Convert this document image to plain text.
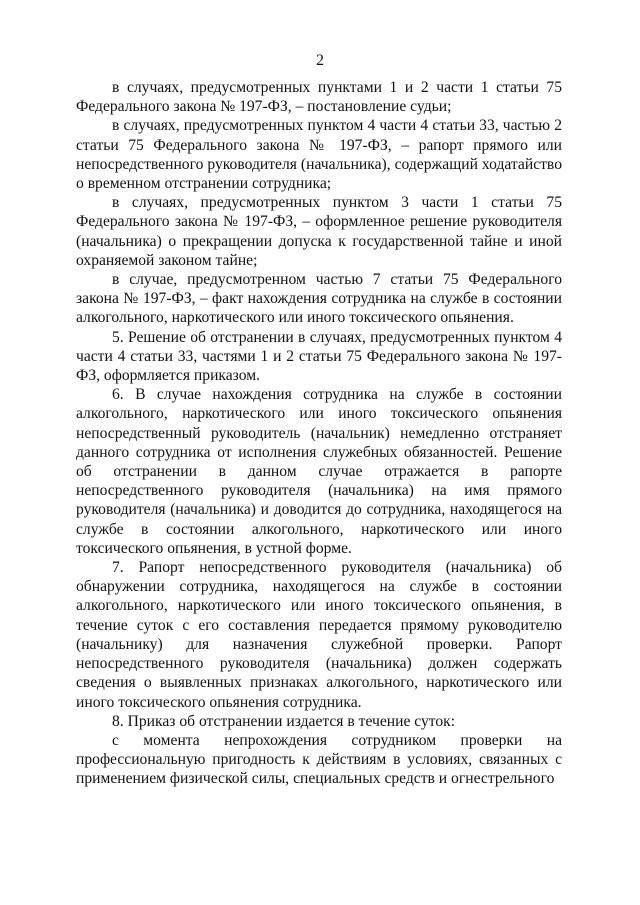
2

в случаях, предусмотренных пунктами 1 и 2 части 1 статьи 75 Федерального закона № 197-ФЗ, – постановление судьи;

в случаях, предусмотренных пунктом 4 части 4 статьи 33, частью 2 статьи 75 Федерального закона № 197-ФЗ, – рапорт прямого или непосредственного руководителя (начальника), содержащий ходатайство о временном отстранении сотрудника;

в случаях, предусмотренных пунктом 3 части 1 статьи 75 Федерального закона № 197-ФЗ, – оформленное решение руководителя (начальника) о прекращении допуска к государственной тайне и иной охраняемой законом тайне;

в случае, предусмотренном частью 7 статьи 75 Федерального закона № 197-ФЗ, – факт нахождения сотрудника на службе в состоянии алкогольного, наркотического или иного токсического опьянения.

5. Решение об отстранении в случаях, предусмотренных пунктом 4 части 4 статьи 33, частями 1 и 2 статьи 75 Федерального закона № 197-ФЗ, оформляется приказом.

6. В случае нахождения сотрудника на службе в состоянии алкогольного, наркотического или иного токсического опьянения непосредственный руководитель (начальник) немедленно отстраняет данного сотрудника от исполнения служебных обязанностей. Решение об отстранении в данном случае отражается в рапорте непосредственного руководителя (начальника) на имя прямого руководителя (начальника) и доводится до сотрудника, находящегося на службе в состоянии алкогольного, наркотического или иного токсического опьянения, в устной форме.

7. Рапорт непосредственного руководителя (начальника) об обнаружении сотрудника, находящегося на службе в состоянии алкогольного, наркотического или иного токсического опьянения, в течение суток с его составления передается прямому руководителю (начальнику) для назначения служебной проверки. Рапорт непосредственного руководителя (начальника) должен содержать сведения о выявленных признаках алкогольного, наркотического или иного токсического опьянения сотрудника.

8. Приказ об отстранении издается в течение суток:

с момента непрохождения сотрудником проверки на профессиональную пригодность к действиям в условиях, связанных с применением физической силы, специальных средств и огнестрельного
